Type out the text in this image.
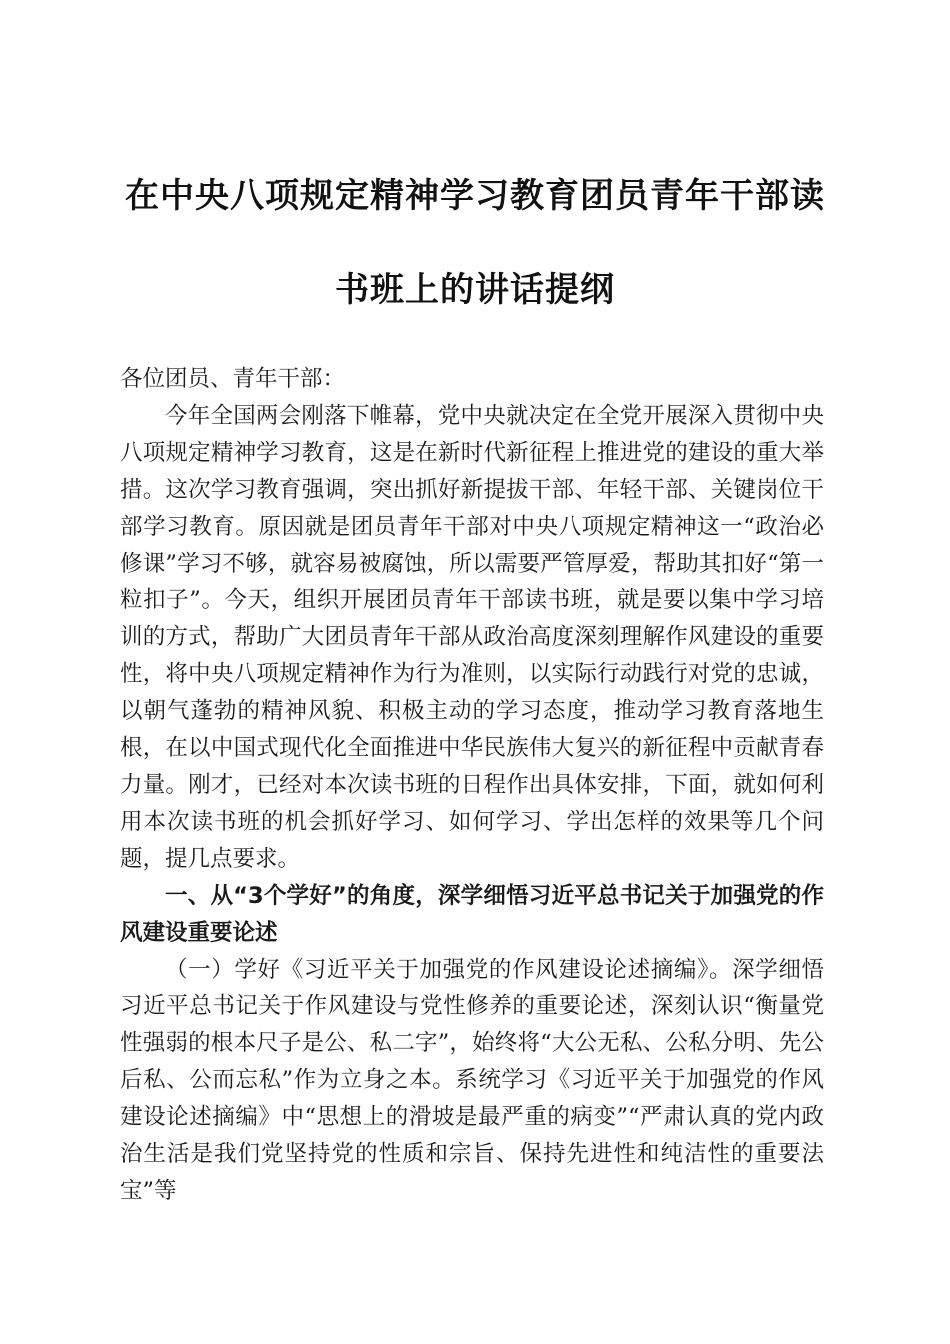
在中央八项规定精神学习教育团员青年干部读
书班上的讲话提纲

各位团员、青年干部：

今年全国两会刚落下帷幕，党中央就决定在全党开展深入贯彻中央八项规定精神学习教育，这是在新时代新征程上推进党的建设的重大举措。这次学习教育强调，突出抓好新提拔干部、年轻干部、关键岗位干部学习教育。原因就是团员青年干部对中央八项规定精神这一“政治必修课”学习不够，就容易被腐蚀，所以需要严管厚爱，帮助其扣好“第一粒扣子”。今天，组织开展团员青年干部读书班，就是要以集中学习培训的方式，帮助广大团员青年干部从政治高度深刻理解作风建设的重要性，将中央八项规定精神作为行为准则，以实际行动践行对党的忠诚，以朝气蓬勃的精神风貌、积极主动的学习态度，推动学习教育落地生根，在以中国式现代化全面推进中华民族伟大复兴的新征程中贡献青春力量。刚才，已经对本次读书班的日程作出具体安排，下面，就如何利用本次读书班的机会抓好学习、如何学习、学出怎样的效果等几个问题，提几点要求。

一、从“3个学好”的角度，深学细悟习近平总书记关于加强党的作风建设重要论述

（一）学好《习近平关于加强党的作风建设论述摘编》。深学细悟习近平总书记关于作风建设与党性修养的重要论述，深刻认识“衡量党性强弱的根本尺子是公、私二字”，始终将“大公无私、公私分明、先公后私、公而忘私”作为立身之本。系统学习《习近平关于加强党的作风建设论述摘编》中“思想上的滑坡是最严重的病变”“严肃认真的党内政治生活是我们党坚持党的性质和宗旨、保持先进性和纯洁性的重要法宝”等
